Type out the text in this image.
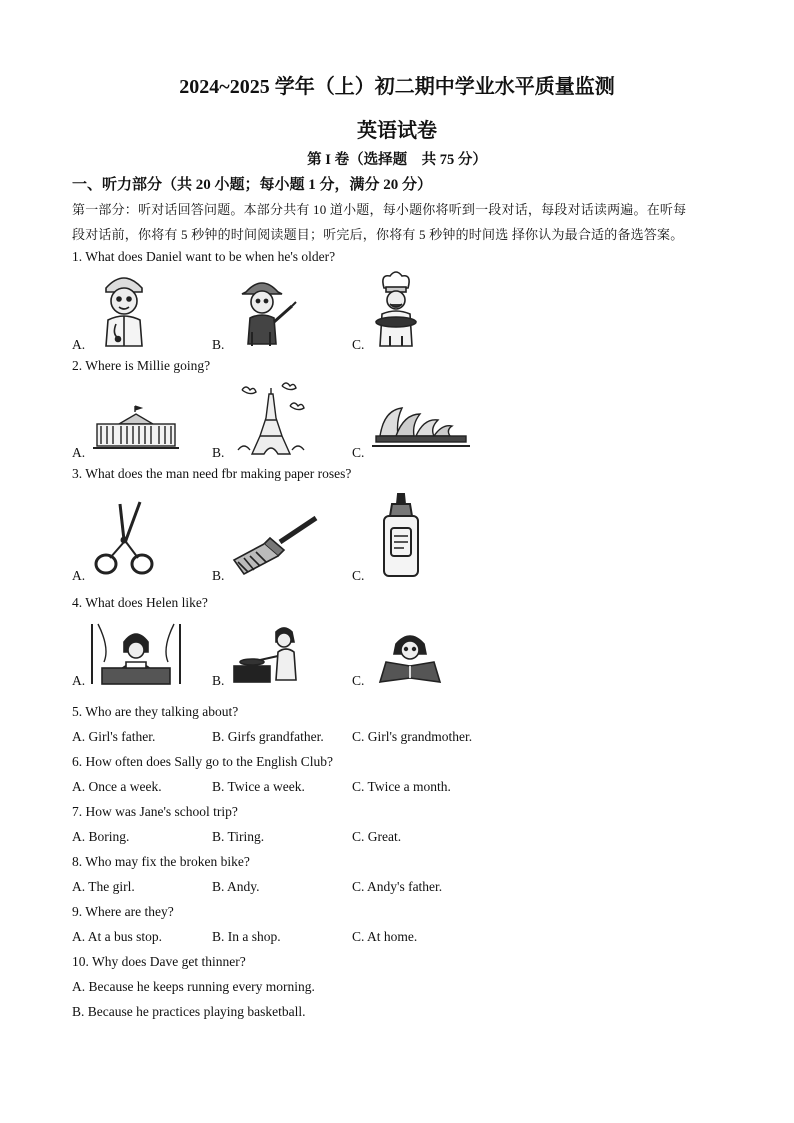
2024~2025 学年（上）初二期中学业水平质量监测
英语试卷
第 I 卷（选择题　共 75 分）
一、听力部分（共 20 小题；每小题 1 分，满分 20 分）
第一部分：听对话回答问题。本部分共有 10 道小题，每小题你将听到一段对话，每段对话读两遍。在听每
段对话前，你将有 5 秒钟的时间阅读题目；听完后，你将有 5 秒钟的时间选 择你认为最合适的备选答案。
1. What does Daniel want to be when he's older?
A.	B.	C.
2. Where is Millie going?
A.	B.	C.
3. What does the man need fbr making paper roses?
A.	B.	C.
4. What does Helen like?
A.	B.	C.
5. Who are they talking about?
A. Girl's father.	B. Girfs grandfather. C. Girl's grandmother.
6. How often does Sally go to the English Club?
A. Once a week.	B. Twice a week.	C. Twice a month.
7. How was Jane's school trip?
A. Boring.	B. Tiring.	C. Great.
8. Who may fix the broken bike?
A. The girl.	B. Andy.	C. Andy's father.
9. Where are they?
A. At a bus stop.	B. In a shop.	C. At home.
10. Why does Dave get thinner?
A. Because he keeps running every morning.
B. Because he practices playing basketball.
